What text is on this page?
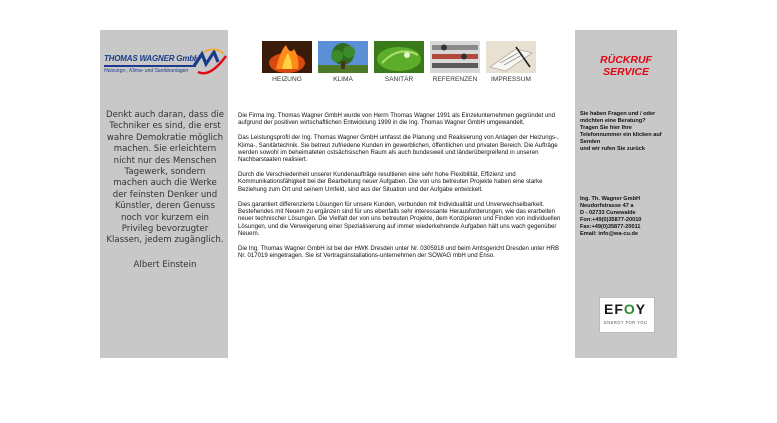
THOMAS WAGNER GmbH
Heizungs-, Klima- und Sanitäranlagen
Denkt auch daran, dass die Techniker es sind, die erst wahre Demokratie möglich machen. Sie erleichtern nicht nur des Menschen Tagewerk, sondern machen auch die Werke der feinsten Denker und Künstler, deren Genuss noch vor kurzem ein Privileg bevorzugter Klassen, jedem zugänglich.
Albert Einstein
HEIZUNG	KLIMA	SANITÄR	REFERENZEN	IMPRESSUM

Die Firma Ing. Thomas Wagner GmbH wurde von Herrn Thomas Wagner 1991 als Einzelunternehmen gegründet und aufgrund der positiven wirtschaftlichen Entwicklung 1999 in die Ing. Thomas Wagner GmbH umgewandelt.

Das Leistungsprofil der Ing. Thomas Wagner GmbH umfasst die Planung und Realisierung von Anlagen der Heizungs-, Klima-, Sanitärtechnik. Sie betreut zufriedene Kunden im gewerblichen, öffentlichen und privaten Bereich. Die Aufträge werden sowohl im beheimateten ostsächsischen Raum als auch bundesweit und länderübergreifend in unseren Nachbarstaaten realisiert.

Durch die Verschiedenheit unserer Kundenaufträge resultieren eine sehr hohe Flexibilität, Effizienz und Kommunikationsfähigkeit bei der Bearbeitung neuer Aufgaben. Die von uns betreuten Projekte haben eine starke Beziehung zum Ort und seinem Umfeld, sind aus der Situation und der Aufgabe entwickelt.

Dies garantiert differenzierte Lösungen für unsere Kunden, verbunden mit Individualität und Unverwechselbarkeit. Bestehendes mit Neuem zu ergänzen sind für uns ebenfalls sehr interessante Herausforderungen, wie das erarbeiten neuer technischer Lösungen. Die Vielfalt der von uns betreuten Projekte, dem Konzipieren und Finden von individuellen Lösungen, und die Verweigerung einer Spezialisierung auf immer wiederkehrende Aufgaben hält uns wach gegenüber Neuem.

Die Ing. Thomas Wagner GmbH ist bei der HWK Dresden unter Nr. 0305918 und beim Amtsgericht Dresden unter HRB Nr. 017019 eingetragen. Sie ist Vertragsinstallations-unternehmen der SOWAG mbH und Enso.

RÜCKRUF
SERVICE
Sie haben Fragen und / oder
möchten eine Beratung?
Tragen Sie hier Ihre
Telefonnummer ein klicken auf
Senden
und wir rufen Sie zurück
Ing. Th. Wagner GmbH
Neudorfstrasse 47 a
D - 02733 Cunewalde
Fon:+49(0)35877-20010
Fax:+49(0)35877-20011
Email: info@wa-cu.de
EFOY
ENERGY FOR YOU
